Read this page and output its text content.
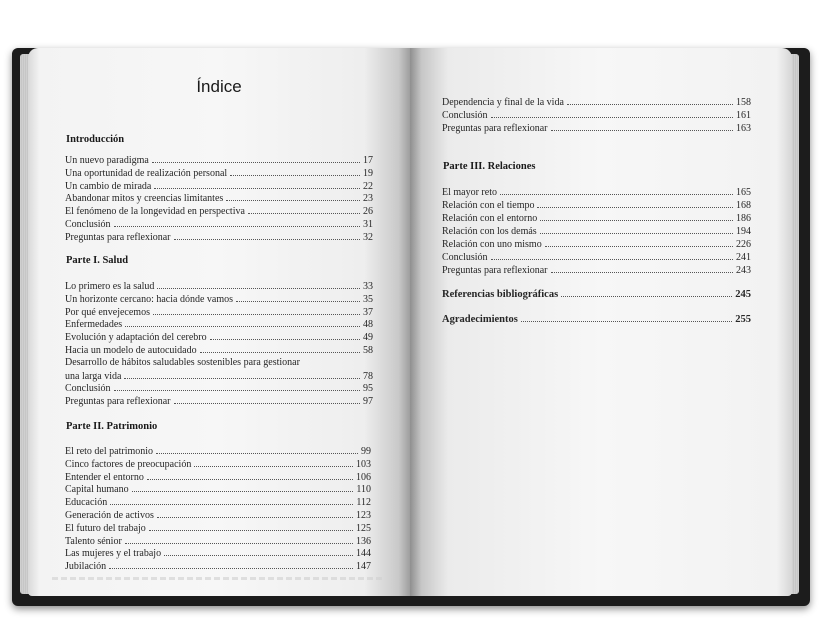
Índice
Introducción
Un nuevo paradigma	17
Una oportunidad de realización personal	19
Un cambio de mirada	22
Abandonar mitos y creencias limitantes	23
El fenómeno de la longevidad en perspectiva	26
Conclusión	31
Preguntas para reflexionar	32
Parte I. Salud
Lo primero es la salud	33
Un horizonte cercano: hacia dónde vamos	35
Por qué envejecemos	37
Enfermedades	48
Evolución y adaptación del cerebro	49
Hacia un modelo de autocuidado	58
Desarrollo de hábitos saludables sostenibles para gestionar
una larga vida	78
Conclusión	95
Preguntas para reflexionar	97
Parte II. Patrimonio
El reto del patrimonio	99
Cinco factores de preocupación	103
Entender el entorno	106
Capital humano	110
Educación	112
Generación de activos	123
El futuro del trabajo	125
Talento sénior	136
Las mujeres y el trabajo	144
Jubilación	147
Dependencia y final de la vida	158
Conclusión	161
Preguntas para reflexionar	163
Parte III. Relaciones
El mayor reto	165
Relación con el tiempo	168
Relación con el entorno	186
Relación con los demás	194
Relación con uno mismo	226
Conclusión	241
Preguntas para reflexionar	243
Referencias bibliográficas	245
Agradecimientos	255
